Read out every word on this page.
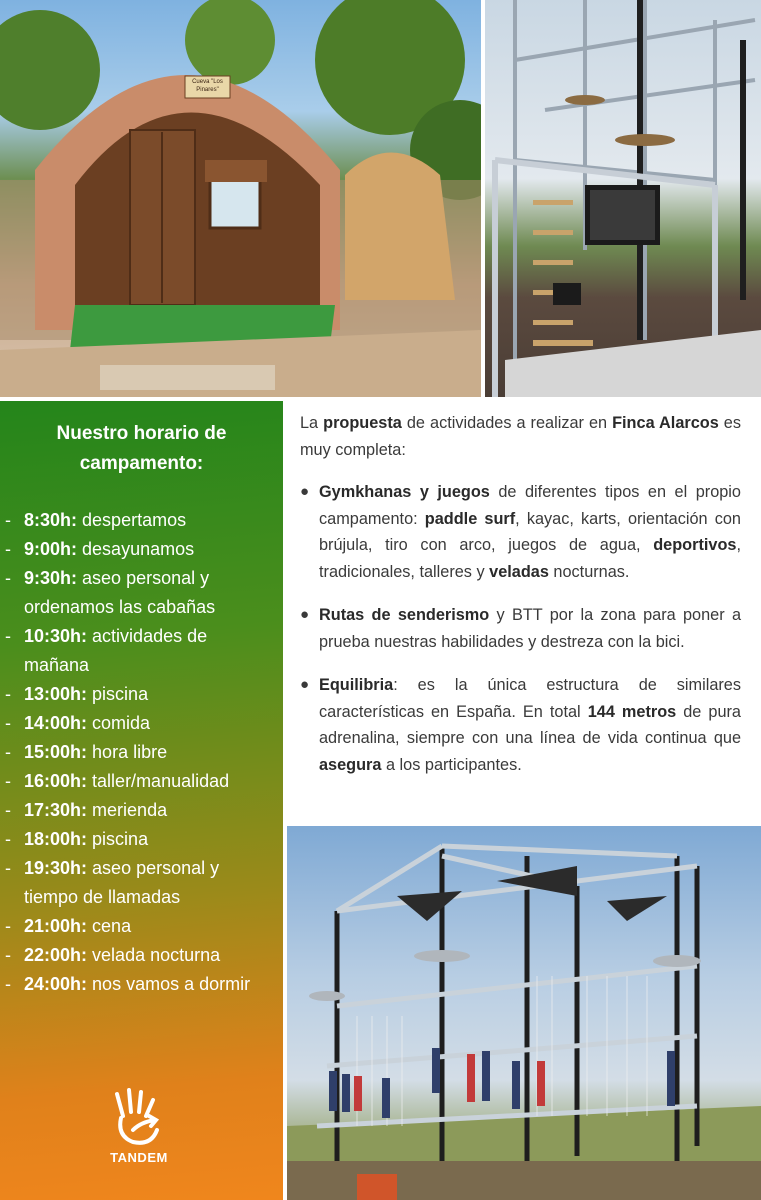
Cueva "Los Pinares"
Nuestro horario de
campamento:
- 8:30h: despertamos
- 9:00h: desayunamos
- 9:30h: aseo personal y
ordenamos las cabañas
- 10:30h: actividades de
mañana
- 13:00h: piscina
- 14:00h: comida
- 15:00h: hora libre
- 16:00h: taller/manualidad
- 17:30h: merienda
- 18:00h: piscina
- 19:30h: aseo personal y
tiempo de llamadas
- 21:00h: cena
- 22:00h: velada nocturna
- 24:00h: nos vamos a dormir
TANDEM

La propuesta de actividades a realizar en Finca Alarcos es muy completa:

● Gymkhanas y juegos de diferentes tipos en el propio campamento: paddle surf, kayac, karts, orientación con brújula, tiro con arco, juegos de agua, deportivos, tradicionales, talleres y veladas nocturnas.
● Rutas de senderismo y BTT por la zona para poner a prueba nuestras habilidades y destreza con la bici.
● Equilibria: es la única estructura de similares características en España. En total 144 metros de pura adrenalina, siempre con una línea de vida continua que asegura a los participantes.
